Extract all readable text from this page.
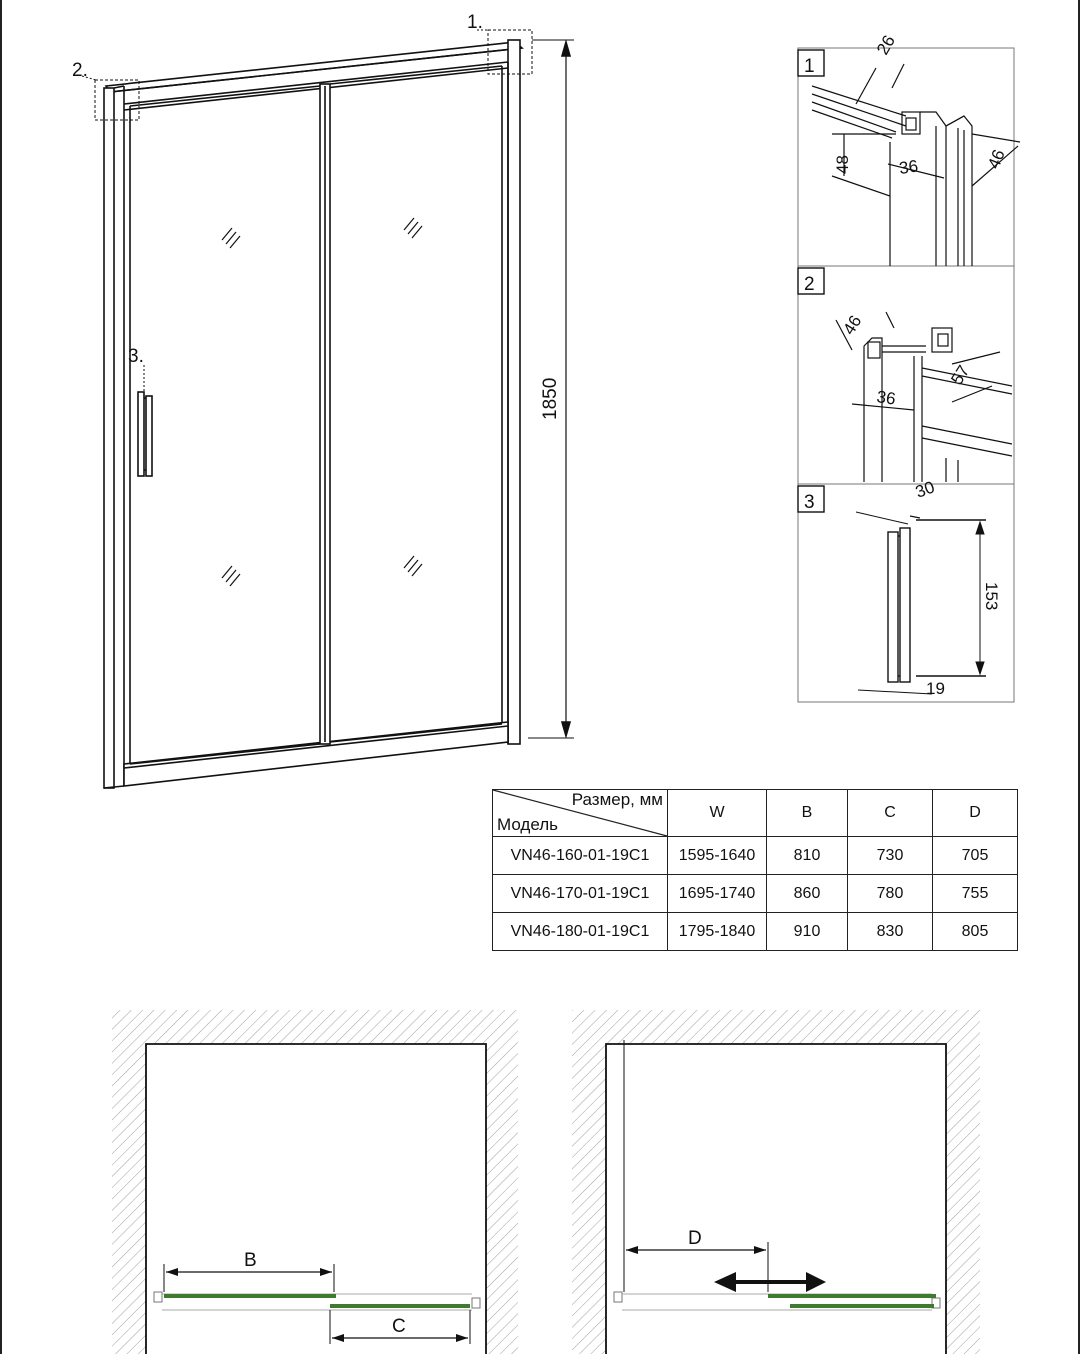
1.
2.
3.
1850
1
2
3
26
48	36	46
46
36
57
30
153
19
Размер, мм
Модель	W	B	C	D
VN46-160-01-19C1	1595-1640	810	730	705
VN46-170-01-19C1	1695-1740	860	780	755
VN46-180-01-19C1	1795-1840	910	830	805
B
C
D
